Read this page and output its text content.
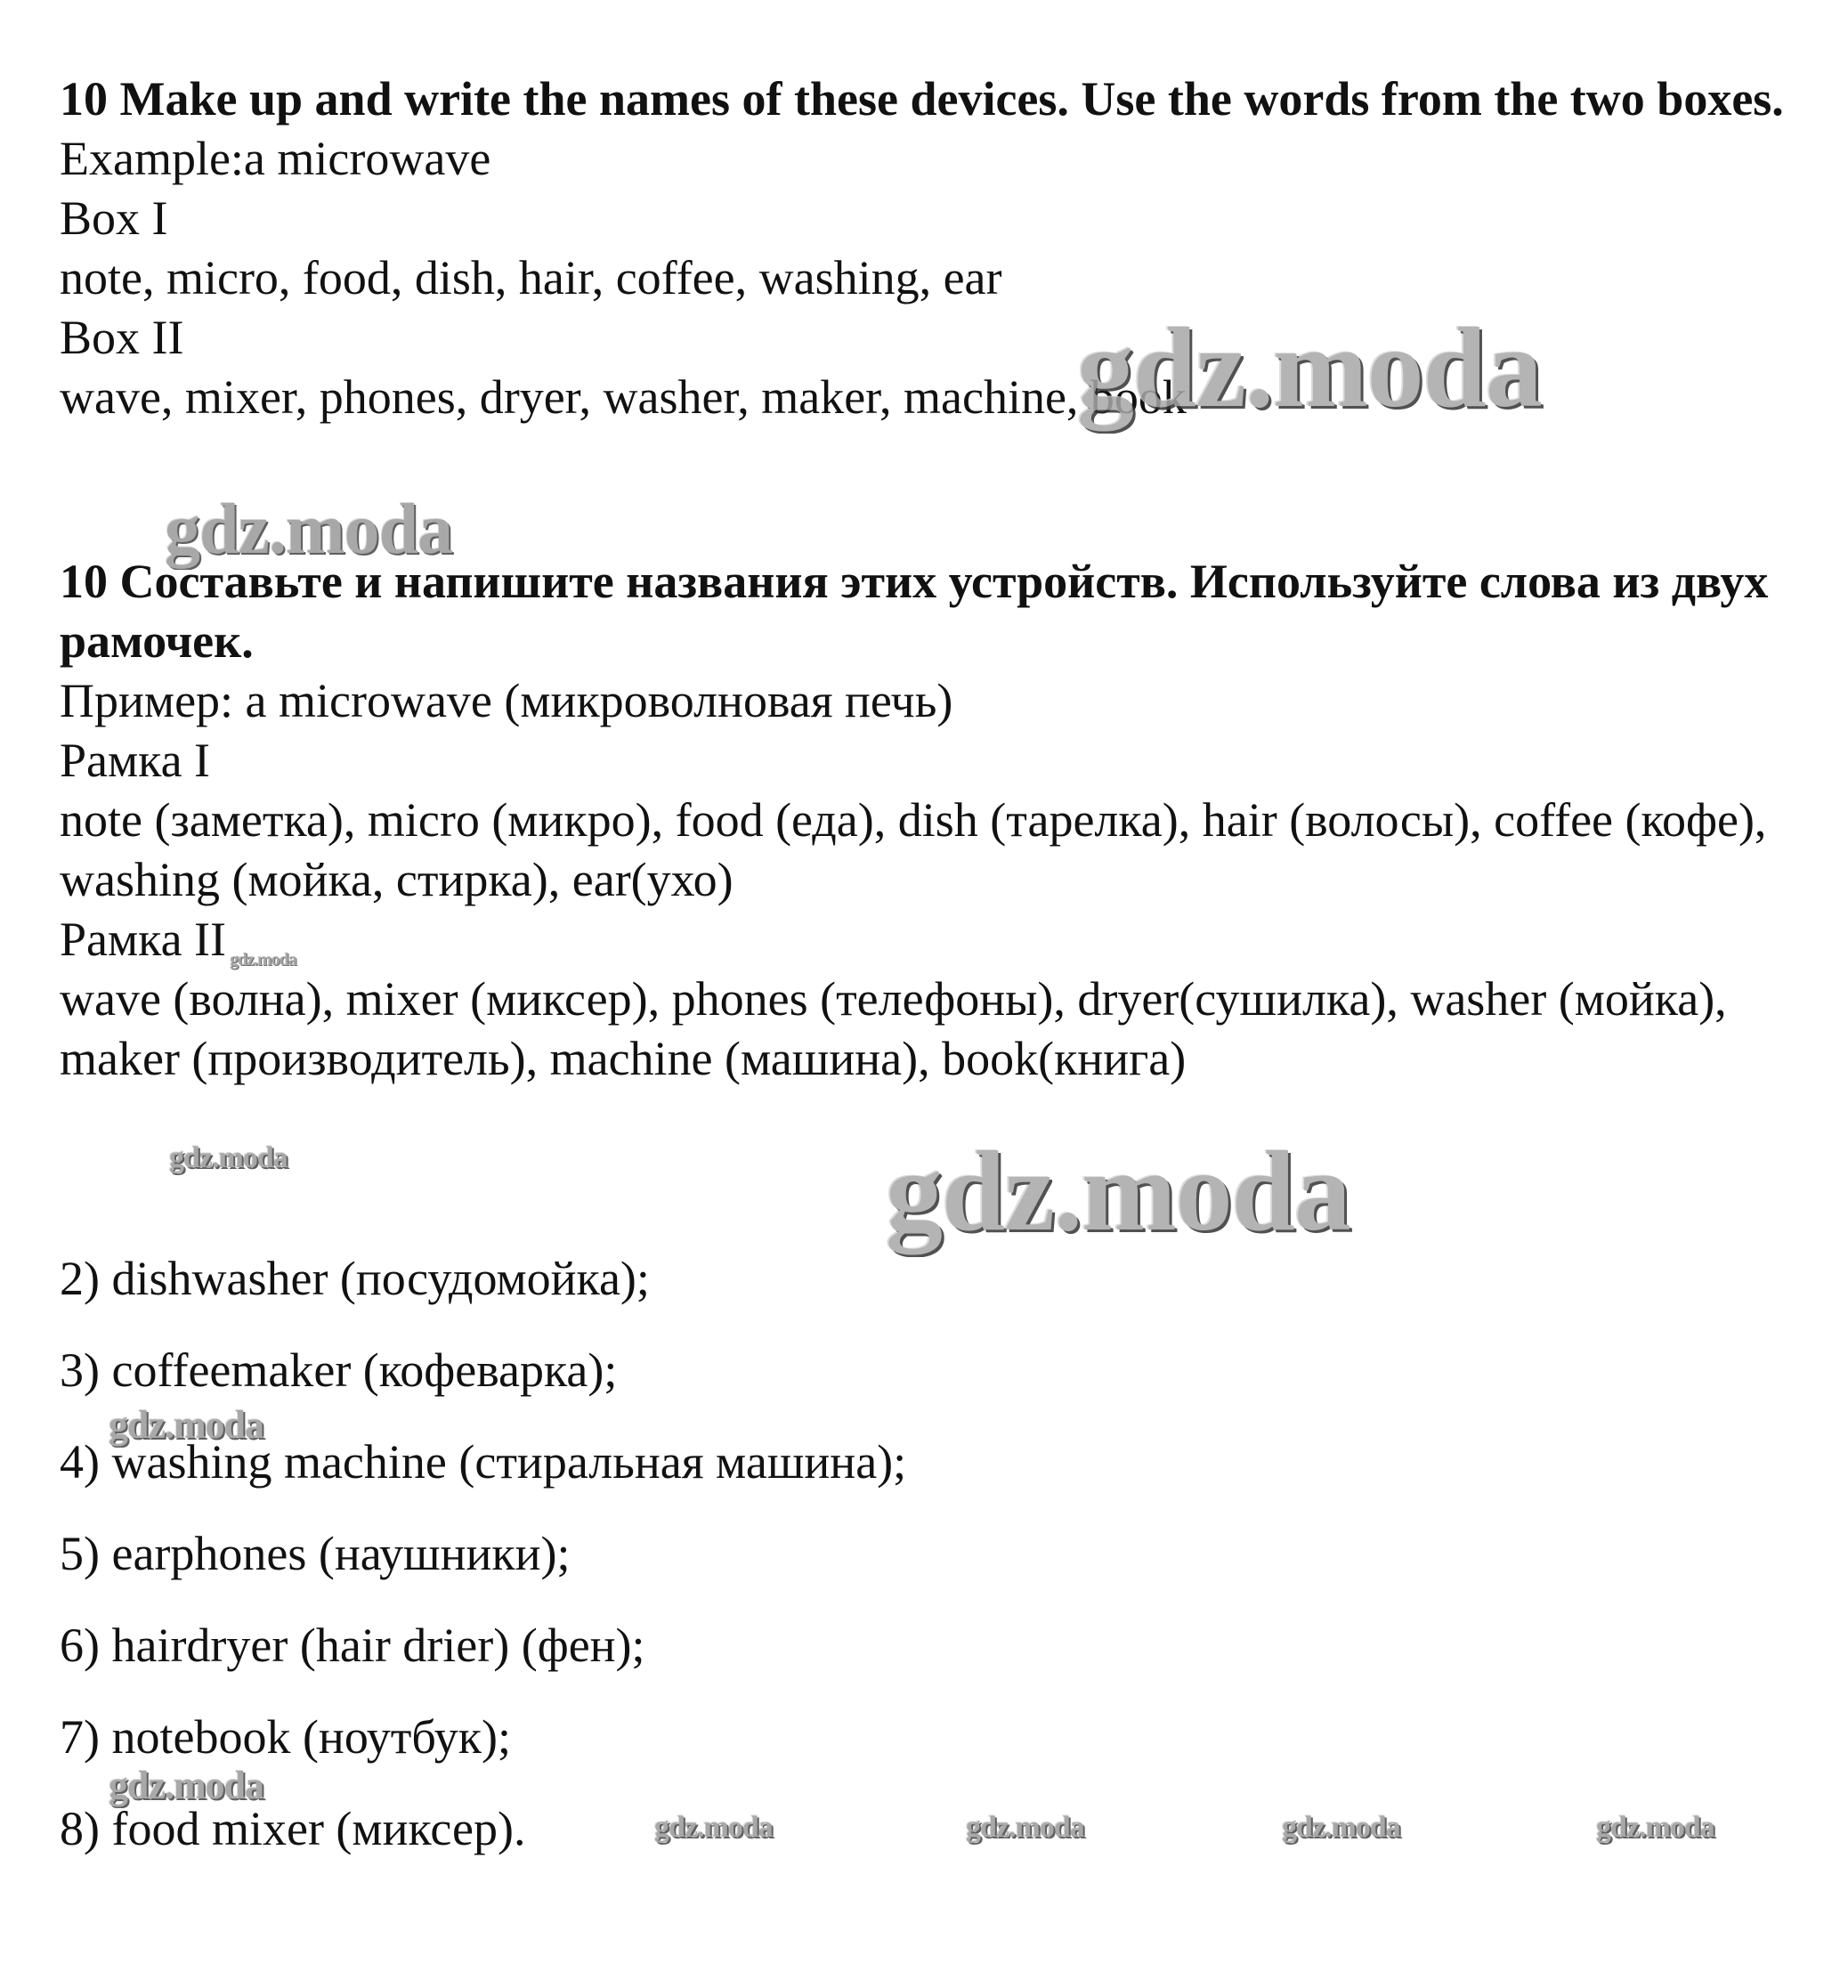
10 Make up and write the names of these devices. Use the words from the two boxes.
Example:a microwave
Box I
note, micro, food, dish, hair, coffee, washing, ear
Box II
wave, mixer, phones, dryer, washer, maker, machine, book
10 Составьте и напишите названия этих устройств. Используйте слова из двух рамочек.
Пример: a microwave (микроволновая печь)
Рамка I
note (заметка), micro (микро), food (еда), dish (тарелка), hair (волосы), coffee (кофе), washing (мойка, стирка), ear(ухо)
Рамка II
wave (волна), mixer (миксер), phones (телефоны), dryer(сушилка), washer (мойка), maker (производитель), machine (машина), book(книга)
2) dishwasher (посудомойка);
3) coffeemaker (кофеварка);
4) washing machine (стиральная машина);
5) earphones (наушники);
6) hairdryer (hair drier) (фен);
7) notebook (ноутбук);
8) food mixer (миксер).
gdz.moda
gdz.moda
gdz.moda
gdz.moda	gdz.moda
gdz.moda
gdz.moda
gdz.moda	gdz.moda	gdz.moda	gdz.moda
